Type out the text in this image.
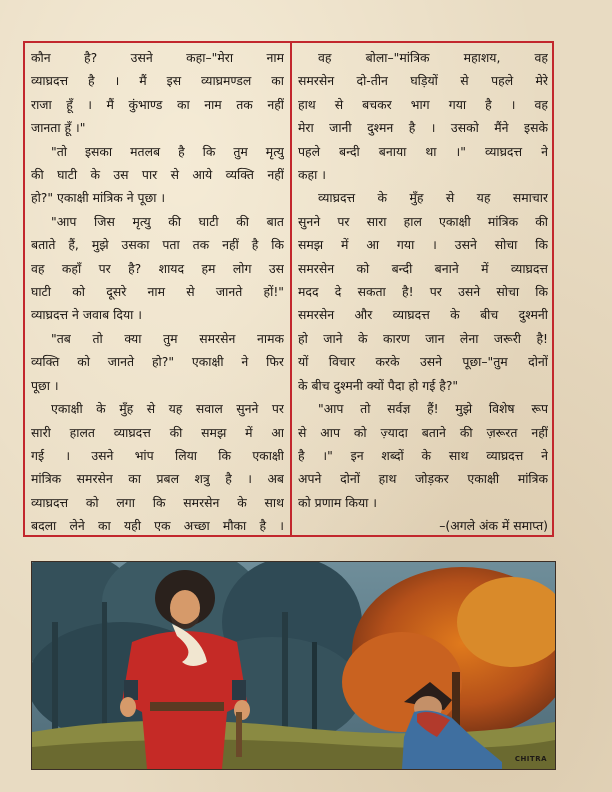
कौन है? उसने कहा–"मेरा नाम
व्याघ्रदत्त है । मैं इस व्याघ्रमण्डल का
राजा हूँ । मैं कुंभाण्ड का नाम तक नहीं
जानता हूँ ।"
"तो इसका मतलब है कि तुम मृत्यु
की घाटी के उस पार से आये व्यक्ति नहीं
हो?" एकाक्षी मांत्रिक ने पूछा ।
"आप जिस मृत्यु की घाटी की बात
बताते हैं, मुझे उसका पता तक नहीं है कि
वह कहाँ पर है? शायद हम लोग उस
घाटी को दूसरे नाम से जानते हों!"
व्याघ्रदत्त ने जवाब दिया ।
"तब तो क्या तुम समरसेन नामक
व्यक्ति को जानते हो?" एकाक्षी ने फिर
पूछा ।
एकाक्षी के मुँह से यह सवाल सुनने पर
सारी हालत व्याघ्रदत्त की समझ में आ
गई । उसने भांप लिया कि एकाक्षी
मांत्रिक समरसेन का प्रबल शत्रु है । अब
व्याघ्रदत्त को लगा कि समरसेन के साथ
बदला लेने का यही एक अच्छा मौका है ।
वह बोला–"मांत्रिक महाशय, वह
समरसेन दो-तीन घड़ियों से पहले मेरे
हाथ से बचकर भाग गया है । वह
मेरा जानी दुश्मन है । उसको मैंने इसके
पहले बन्दी बनाया था ।" व्याघ्रदत्त ने
कहा ।
व्याघ्रदत्त के मुँह से यह समाचार
सुनने पर सारा हाल एकाक्षी मांत्रिक की
समझ में आ गया । उसने सोचा कि
समरसेन को बन्दी बनाने में व्याघ्रदत्त
मदद दे सकता है! पर उसने सोचा कि
समरसेन और व्याघ्रदत्त के बीच दुश्मनी
हो जाने के कारण जान लेना जरूरी है!
यों विचार करके उसने पूछा–"तुम दोनों
के बीच दुश्मनी क्यों पैदा हो गई है?"
"आप तो सर्वज्ञ हैं! मुझे विशेष रूप
से आप को ज़्यादा बताने की ज़रूरत नहीं
है ।" इन शब्दों के साथ व्याघ्रदत्त ने
अपने दोनों हाथ जोड़कर एकाक्षी मांत्रिक
को प्रणाम किया ।
–(अगले अंक में समाप्त)
CHITRA
